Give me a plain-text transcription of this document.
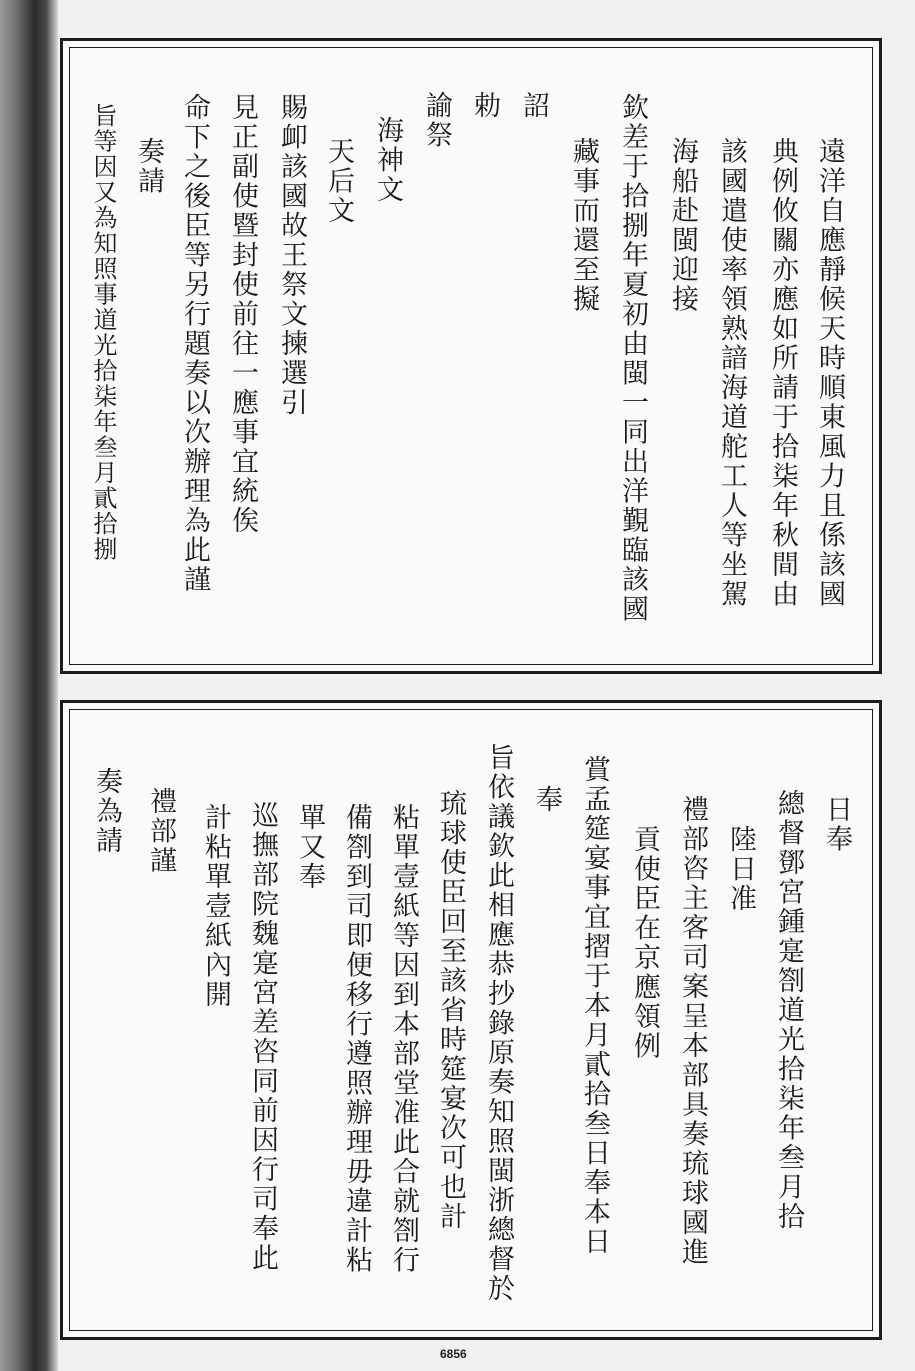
遠洋自應靜候天時順東風力且係該國
典例攸關亦應如所請于拾柒年秋間由
該國遣使率領熟諳海道舵工人等坐駕
海船赴閩迎接
欽差于拾捌年夏初由閩一同出洋覲臨該國
藏事而還至擬
詔
勅
諭祭
海神文
天后文
賜卹該國故王祭文揀選引
見正副使暨封使前往一應事宜統俟
命下之後臣等另行題奏以次辦理為此謹
奏請
旨等因又為知照事道光拾柒年叁月貳拾捌
日奉
總督鄧宮鍾寔劄道光拾柒年叁月拾
陸日准
禮部咨主客司案呈本部具奏琉球國進
貢使臣在京應領例
賞孟筵宴事宜摺于本月貳拾叁日奉本日
奉
旨依議欽此相應恭抄錄原奏知照閩浙總督於
琉球使臣回至該省時筵宴次可也計
粘單壹紙等因到本部堂准此合就劄行
備劄到司即便移行遵照辦理毋違計粘
單又奉
巡撫部院魏寔宮差咨同前因行司奉此
計粘單壹紙內開
禮部謹
奏為請
6856
